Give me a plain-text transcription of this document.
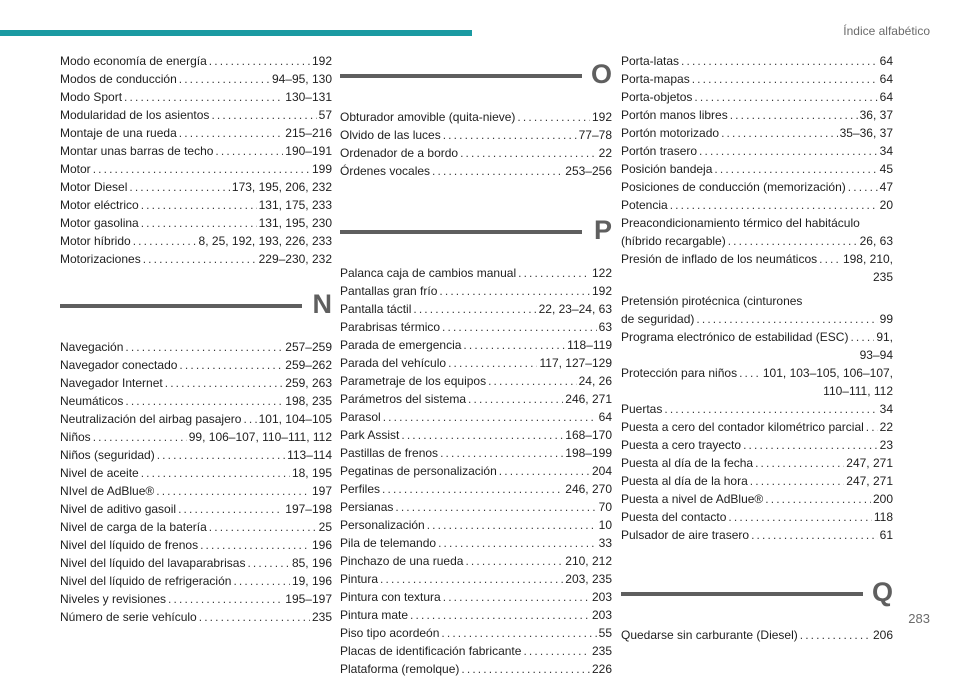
Índice alfabético
Modo economía de energía . . .	192
Modos de conducción . . .	94–95, 130
Modo Sport . . .	130–131
Modularidad de los asientos . . .	57
Montaje de una rueda . . .	215–216
Montar unas barras de techo . . .	190–191
Motor . . .	199
Motor Diesel . . .	173, 195, 206, 232
Motor eléctrico . . .	131, 175, 233
Motor gasolina . . .	131, 195, 230
Motor híbrido . . .	8, 25, 192, 193, 226, 233
Motorizaciones . . .	229–230, 232
N
Navegación . . .	257–259
Navegador conectado . . .	259–262
Navegador Internet . . .	259, 263
Neumáticos . . .	198, 235
Neutralización del airbag pasajero . . . 101, 104–105
Niños . . .	99, 106–107, 110–111, 112
Niños (seguridad) . . .	113–114
Nivel de aceite . . .	18, 195
NIvel de AdBlue® . . .	197
Nivel de aditivo gasoil . . .	197–198
Nivel de carga de la batería . . .	25
Nivel del líquido de frenos . . .	196
Nivel del líquido del lavaparabrisas . . .	85, 196
Nivel del líquido de refrigeración . . .	19, 196
Niveles y revisiones . . .	195–197
Número de serie vehículo . . .	235
O
Obturador amovible (quita-nieve) . . .	192
Olvido de las luces . . .	77–78
Ordenador de a bordo . . .	22
Órdenes vocales . . .	253–256
P
Palanca caja de cambios manual . . .	122
Pantallas gran frío . . .	192
Pantalla táctil . . .	22, 23–24, 63
Parabrisas térmico . . .	63
Parada de emergencia . . .	118–119
Parada del vehículo . . .	117, 127–129
Parametraje de los equipos . . .	24, 26
Parámetros del sistema . . .	246, 271
Parasol . . .	64
Park Assist . . .	168–170
Pastillas de frenos . . .	198–199
Pegatinas de personalización . . .	204
Perfiles . . .	246, 270
Persianas . . .	70
Personalización . . .	10
Pila de telemando . . .	33
Pinchazo de una rueda . . .	210, 212
Pintura . . .	203, 235
Pintura con textura . . .	203
Pintura mate . . .	203
Piso tipo acordeón . . .	55
Placas de identificación fabricante . . .	235
Plataforma (remolque) . . .	226
Porta-latas . . .	64
Porta-mapas . . .	64
Porta-objetos . . .	64
Portón manos libres . . .	36, 37
Portón motorizado . . .	35–36, 37
Portón trasero . . .	34
Posición bandeja . . .	45
Posiciones de conducción (memorización) . . .	47
Potencia . . .	20
Preacondicionamiento térmico del habitáculo
(híbrido recargable) . . .	26, 63
Presión de inflado de los neumáticos . . . 198, 210,
235
Pretensión pirotécnica (cinturones
de seguridad) . . .	99
Programa electrónico de estabilidad (ESC) . . . 91,
93–94
Protección para niños . . . 101, 103–105, 106–107,
110–111, 112
Puertas . . .	34
Puesta a cero del contador kilométrico parcial . . . 22
Puesta a cero trayecto . . .	23
Puesta al día de la fecha . . .	247, 271
Puesta al día de la hora . . .	247, 271
Puesta a nivel de AdBlue® . . .	200
Puesta del contacto . . .	118
Pulsador de aire trasero . . .	61
Q
Quedarse sin carburante (Diesel) . . .	206
283
